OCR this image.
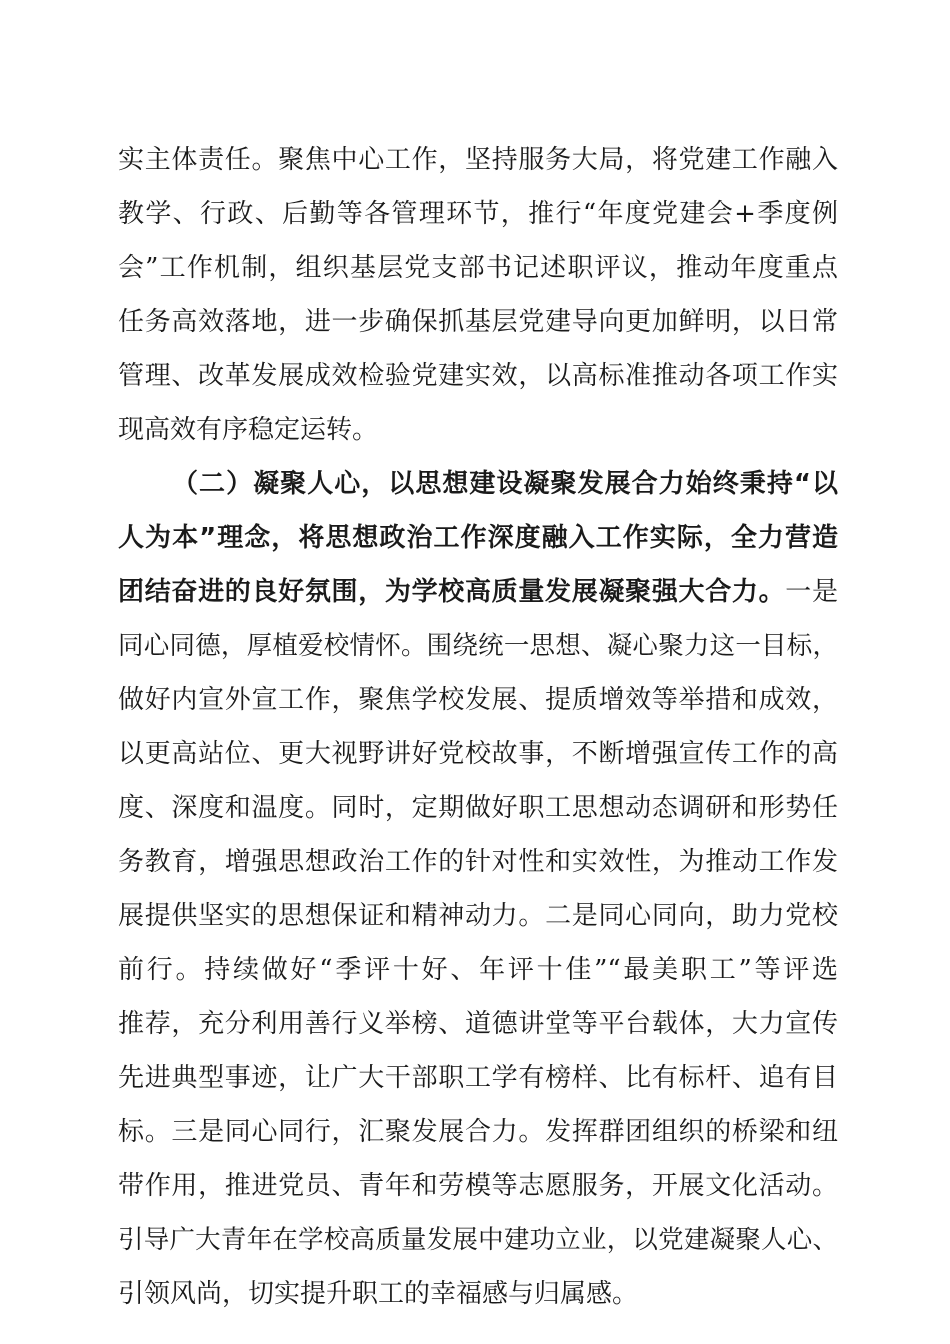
实主体责任。聚焦中心工作，坚持服务大局，将党建工作融入
教学、行政、后勤等各管理环节，推行“年度党建会+季度例
会”工作机制，组织基层党支部书记述职评议，推动年度重点
任务高效落地，进一步确保抓基层党建导向更加鲜明，以日常
管理、改革发展成效检验党建实效，以高标准推动各项工作实
现高效有序稳定运转。
（二）凝聚人心，以思想建设凝聚发展合力始终秉持“以
人为本”理念，将思想政治工作深度融入工作实际，全力营造
团结奋进的良好氛围，为学校高质量发展凝聚强大合力。一是
同心同德，厚植爱校情怀。围绕统一思想、凝心聚力这一目标，
做好内宣外宣工作，聚焦学校发展、提质增效等举措和成效，
以更高站位、更大视野讲好党校故事，不断增强宣传工作的高
度、深度和温度。同时，定期做好职工思想动态调研和形势任
务教育，增强思想政治工作的针对性和实效性，为推动工作发
展提供坚实的思想保证和精神动力。二是同心同向，助力党校
前行。持续做好“季评十好、年评十佳”“最美职工”等评选
推荐，充分利用善行义举榜、道德讲堂等平台载体，大力宣传
先进典型事迹，让广大干部职工学有榜样、比有标杆、追有目
标。三是同心同行，汇聚发展合力。发挥群团组织的桥梁和纽
带作用，推进党员、青年和劳模等志愿服务，开展文化活动。
引导广大青年在学校高质量发展中建功立业，以党建凝聚人心、
引领风尚，切实提升职工的幸福感与归属感。
